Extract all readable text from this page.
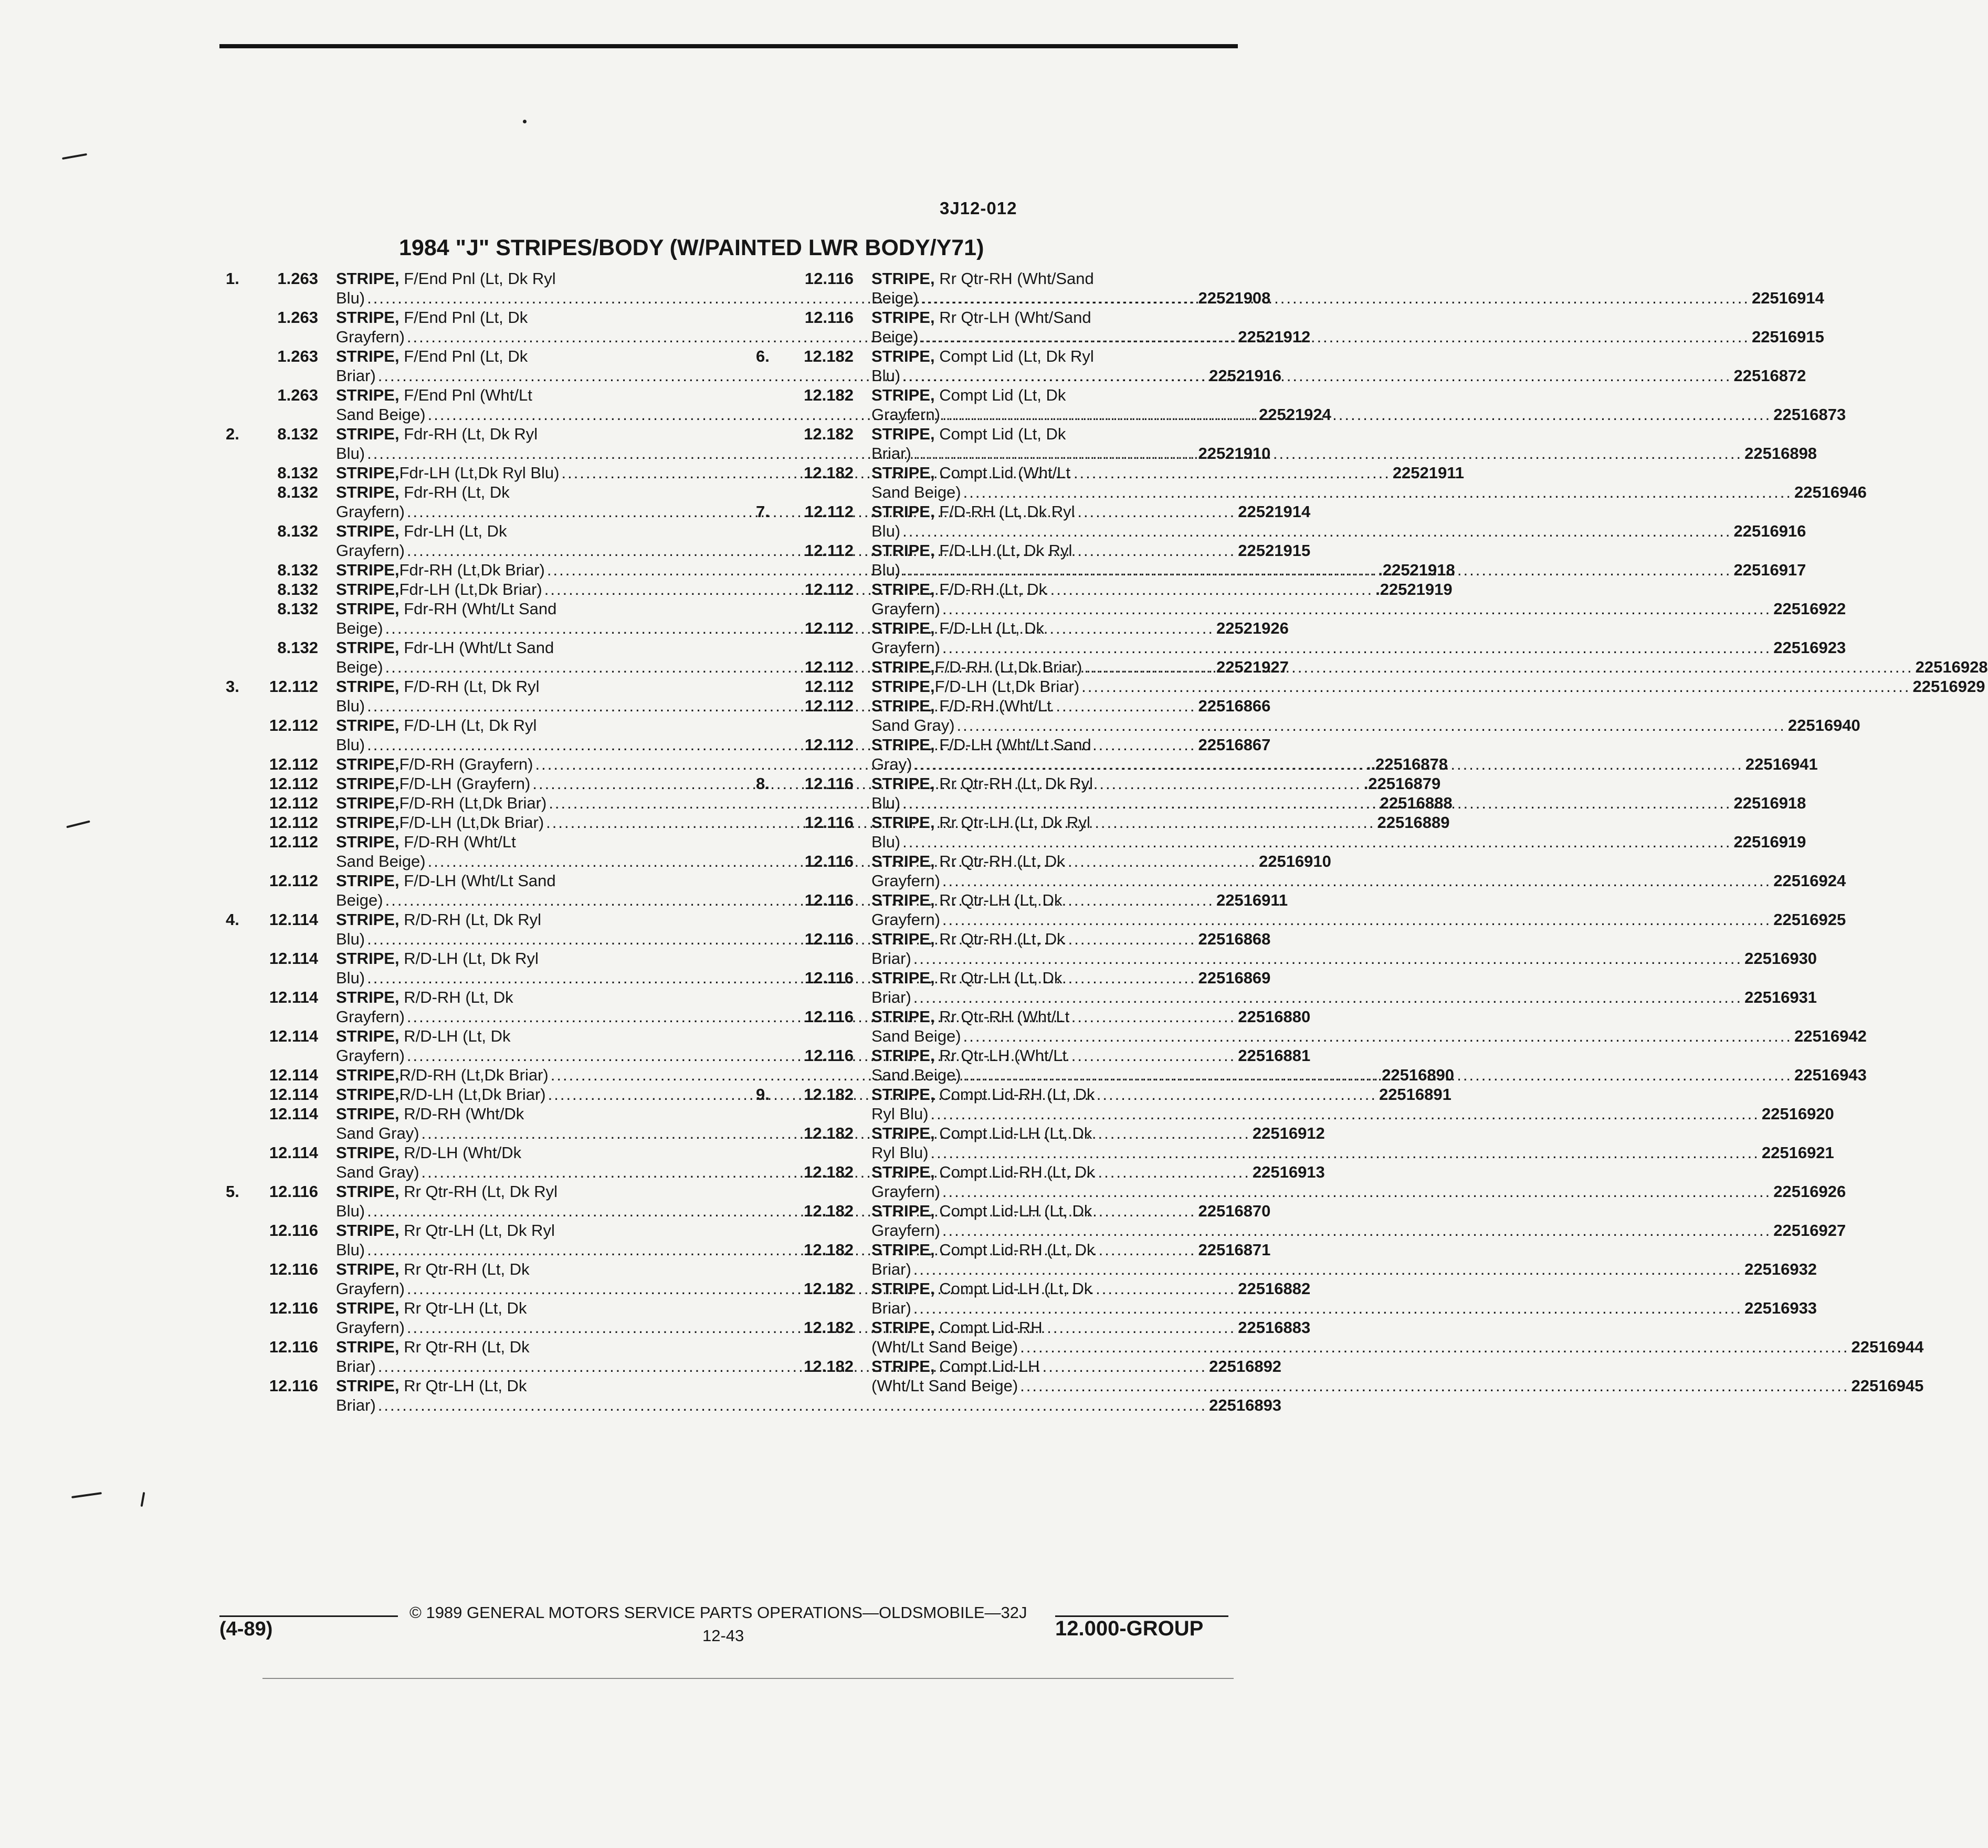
3J12-012
1984 "J" STRIPES/BODY (W/PAINTED LWR BODY/Y71)
1.	1.263	STRIPE, F/End Pnl (Lt, Dk Ryl
Blu) .....	22521908
1.263	STRIPE, F/End Pnl (Lt, Dk
Grayfern) .....	22521912
1.263	STRIPE, F/End Pnl (Lt, Dk
Briar) .....	22521916
1.263	STRIPE, F/End Pnl (Wht/Lt
Sand Beige) .....	22521924
2.	8.132	STRIPE, Fdr-RH (Lt, Dk Ryl
Blu) .....	22521910
8.132	STRIPE, Fdr-LH (Lt,Dk Ryl Blu) .....	22521911
8.132	STRIPE, Fdr-RH (Lt, Dk
Grayfern) .....	22521914
8.132	STRIPE, Fdr-LH (Lt, Dk
Grayfern) .....	22521915
8.132	STRIPE, Fdr-RH (Lt,Dk Briar) .....	.22521918
8.132	STRIPE, Fdr-LH (Lt,Dk Briar) .....	.22521919
8.132	STRIPE, Fdr-RH (Wht/Lt Sand
Beige) .....	22521926
8.132	STRIPE, Fdr-LH (Wht/Lt Sand
Beige) .....	22521927
3.	12.112	STRIPE, F/D-RH (Lt, Dk Ryl
Blu) .....	22516866
12.112	STRIPE, F/D-LH (Lt, Dk Ryl
Blu) .....	22516867
12.112	STRIPE, F/D-RH (Grayfern) .....	..22516878
12.112	STRIPE, F/D-LH (Grayfern) .....	.22516879
12.112	STRIPE, F/D-RH (Lt,Dk Briar) .....	22516888
12.112	STRIPE, F/D-LH (Lt,Dk Briar) .....	22516889
12.112	STRIPE, F/D-RH (Wht/Lt
Sand Beige) .....	22516910
12.112	STRIPE, F/D-LH (Wht/Lt Sand
Beige) .....	22516911
4.	12.114	STRIPE, R/D-RH (Lt, Dk Ryl
Blu) .....	22516868
12.114	STRIPE, R/D-LH (Lt, Dk Ryl
Blu) .....	22516869
12.114	STRIPE, R/D-RH (Lt, Dk
Grayfern) .....	22516880
12.114	STRIPE, R/D-LH (Lt, Dk
Grayfern) .....	22516881
12.114	STRIPE, R/D-RH (Lt,Dk Briar) .....	22516890
12.114	STRIPE, R/D-LH (Lt,Dk Briar) .....	22516891
12.114	STRIPE, R/D-RH (Wht/Dk
Sand Gray) .....	22516912
12.114	STRIPE, R/D-LH (Wht/Dk
Sand Gray) .....	22516913
5.	12.116	STRIPE, Rr Qtr-RH (Lt, Dk Ryl
Blu) .....	22516870
12.116	STRIPE, Rr Qtr-LH (Lt, Dk Ryl
Blu) .....	22516871
12.116	STRIPE, Rr Qtr-RH (Lt, Dk
Grayfern) .....	22516882
12.116	STRIPE, Rr Qtr-LH (Lt, Dk
Grayfern) .....	22516883
12.116	STRIPE, Rr Qtr-RH (Lt, Dk
Briar) .....	22516892
12.116	STRIPE, Rr Qtr-LH (Lt, Dk
Briar) .....	22516893
12.116	STRIPE, Rr Qtr-RH (Wht/Sand
Beige) .....	22516914
12.116	STRIPE, Rr Qtr-LH (Wht/Sand
Beige) .....	22516915
6.	12.182	STRIPE, Compt Lid (Lt, Dk Ryl
Blu) .....	22516872
12.182	STRIPE, Compt Lid (Lt, Dk
Grayfern) .....	22516873
12.182	STRIPE, Compt Lid (Lt, Dk
Briar) .....	22516898
12.182	STRIPE, Compt Lid (Wht/Lt
Sand Beige) .....	22516946
7.	12.112	STRIPE, F/D-RH (Lt, Dk Ryl
Blu) .....	22516916
12.112	STRIPE, F/D-LH (Lt, Dk Ryl
Blu) .....	22516917
12.112	STRIPE, F/D-RH (Lt, Dk
Grayfern) .....	22516922
12.112	STRIPE, F/D-LH (Lt, Dk
Grayfern) .....	22516923
12.112	STRIPE, F/D-RH (Lt,Dk Briar) .....	22516928
12.112	STRIPE, F/D-LH (Lt,Dk Briar) .....	22516929
12.112	STRIPE, F/D-RH (Wht/Lt
Sand Gray) .....	22516940
12.112	STRIPE, F/D-LH (Wht/Lt Sand
Gray) .....	22516941
8.	12.116	STRIPE, Rr Qtr-RH (Lt, Dk Ryl
Blu) .....	22516918
12.116	STRIPE, Rr Qtr-LH (Lt, Dk Ryl
Blu) .....	22516919
12.116	STRIPE, Rr Qtr-RH (Lt, Dk
Grayfern) .....	22516924
12.116	STRIPE, Rr Qtr-LH (Lt, Dk
Grayfern) .....	22516925
12.116	STRIPE, Rr Qtr-RH (Lt, Dk
Briar) .....	22516930
12.116	STRIPE, Rr Qtr-LH (Lt, Dk
Briar) .....	22516931
12.116	STRIPE, Rr Qtr-RH (Wht/Lt
Sand Beige) .....	22516942
12.116	STRIPE, Rr Qtr-LH (Wht/Lt
Sand Beige) .....	22516943
9.	12.182	STRIPE, Compt Lid-RH (Lt, Dk
Ryl Blu) .....	22516920
12.182	STRIPE, Compt Lid-LH (Lt, Dk
Ryl Blu) .....	22516921
12.182	STRIPE, Compt Lid-RH (Lt, Dk
Grayfern) .....	22516926
12.182	STRIPE, Compt Lid-LH (Lt, Dk
Grayfern) .....	22516927
12.182	STRIPE, Compt Lid-RH (Lt, Dk
Briar) .....	22516932
12.182	STRIPE, Compt Lid-LH (Lt, Dk
Briar) .....	22516933
12.182	STRIPE, Compt Lid-RH
(Wht/Lt Sand Beige) .....	22516944
12.182	STRIPE, Compt Lid-LH
(Wht/Lt Sand Beige) .....	22516945
© 1989 GENERAL MOTORS SERVICE PARTS OPERATIONS—OLDSMOBILE—32J
(4-89)	12-43	12.000-GROUP
